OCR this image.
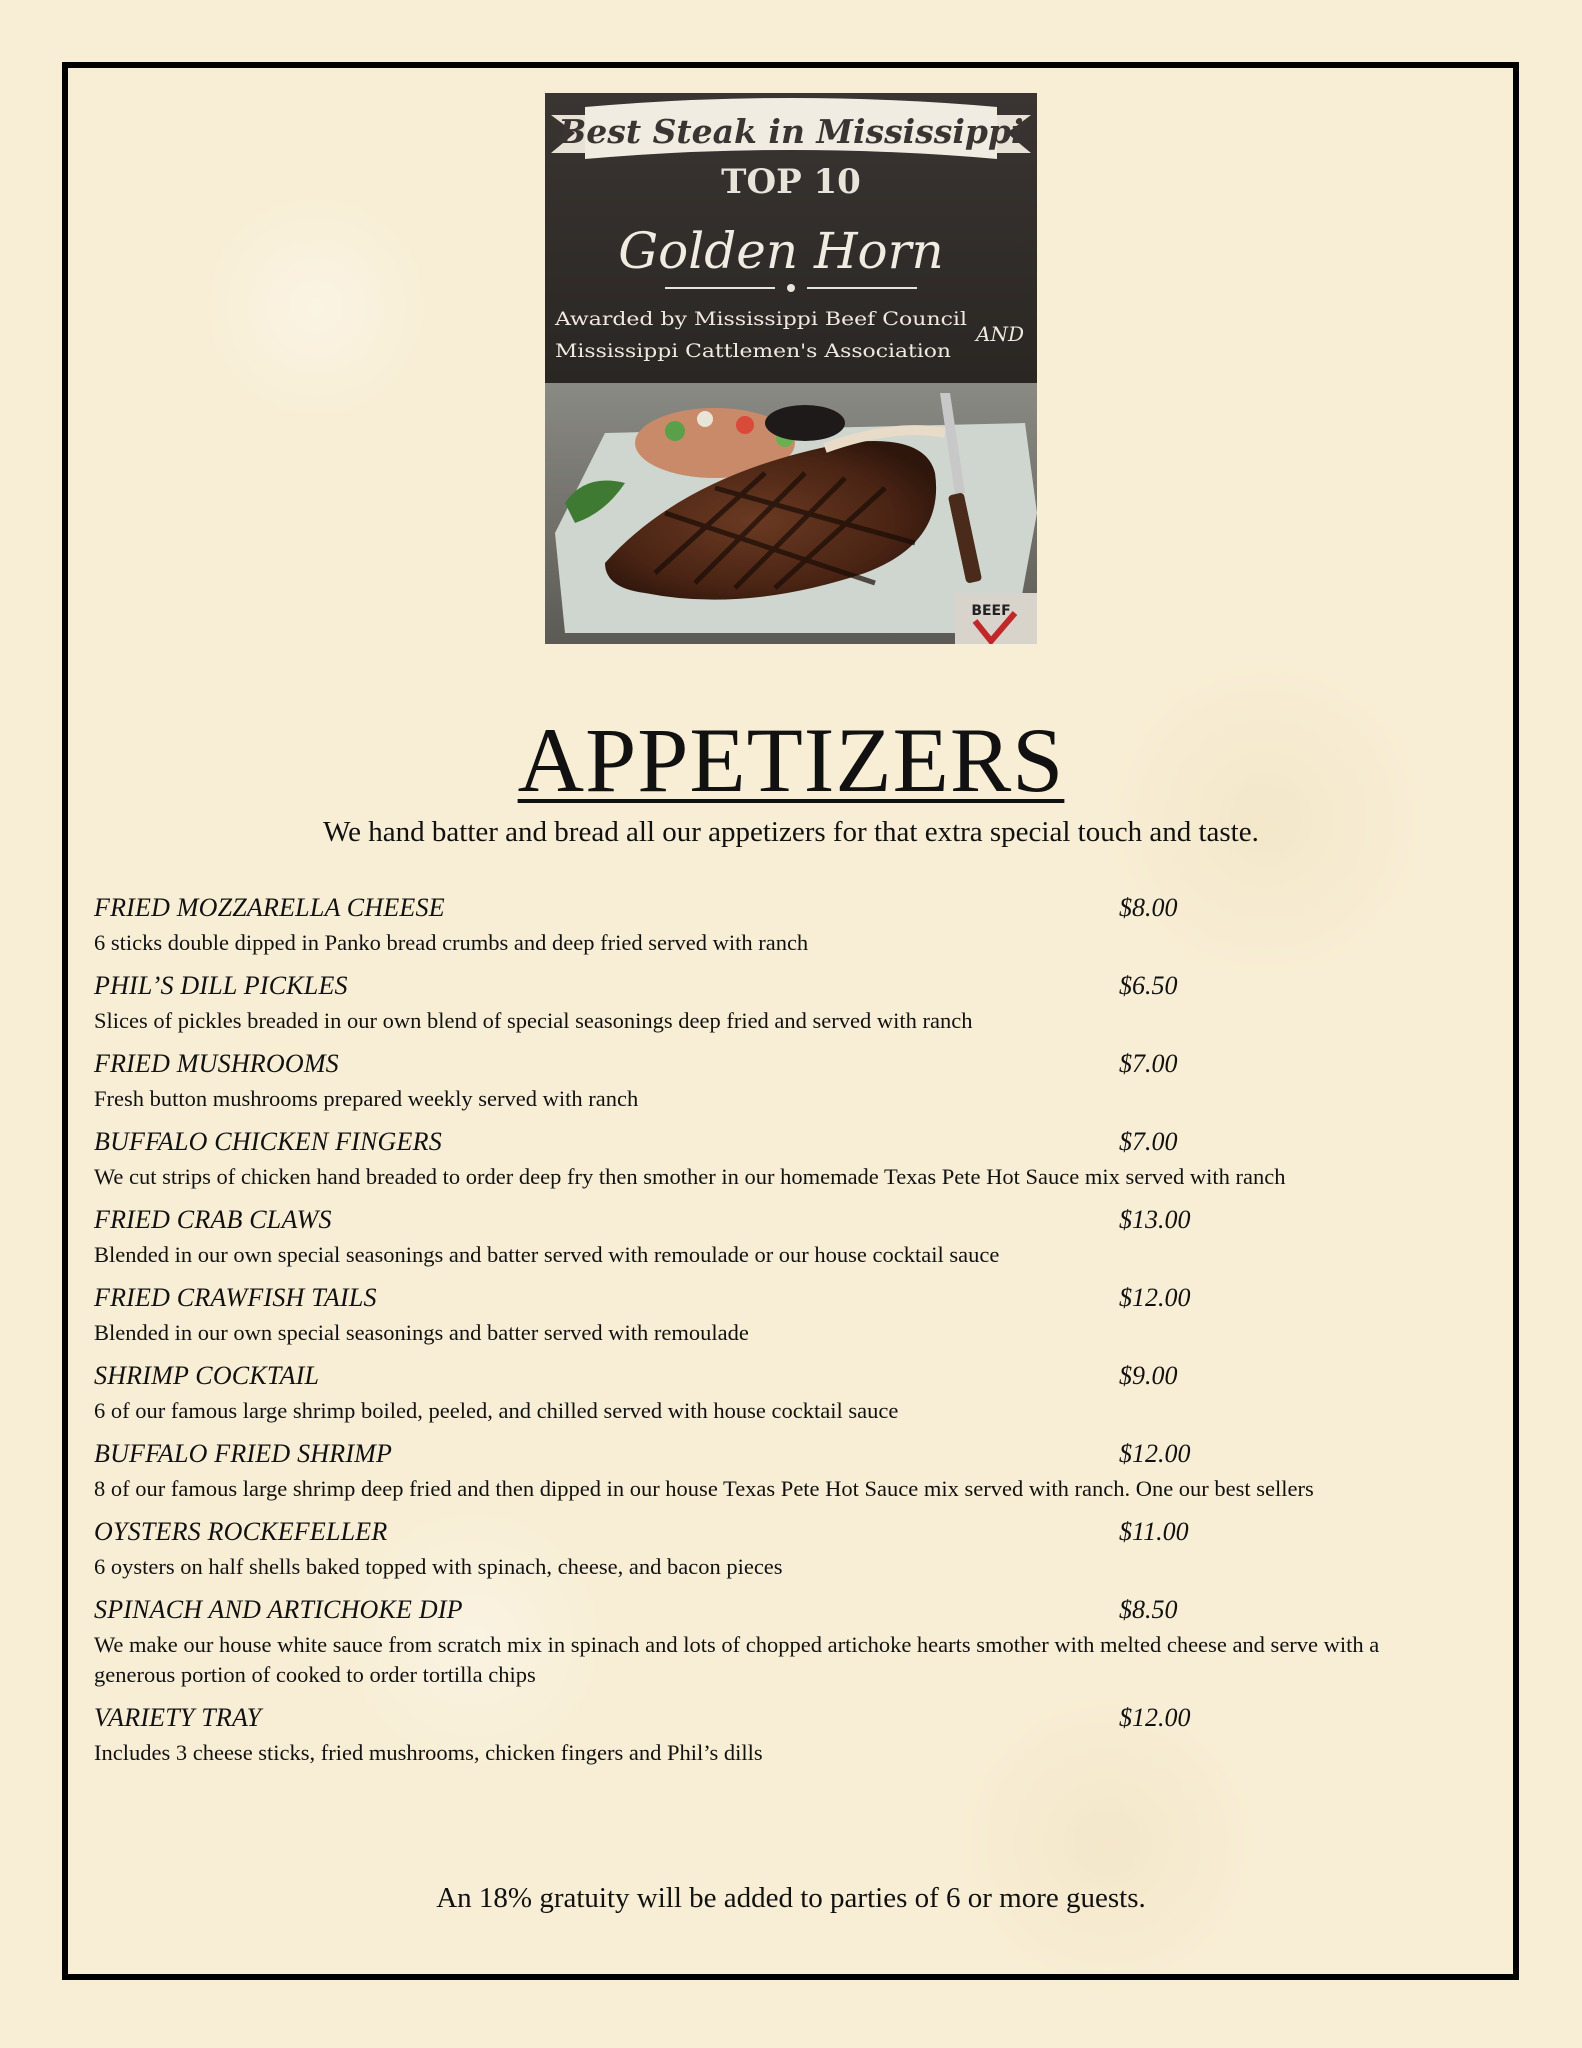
Best Steak in Mississippi
TOP 10
Golden Horn
Awarded by Mississippi Beef Council
AND
Mississippi Cattlemen's Association
BEEF
APPETIZERS
We hand batter and bread all our appetizers for that extra special touch and taste.
FRIED MOZZARELLA CHEESE	$8.00
6 sticks double dipped in Panko bread crumbs and deep fried served with ranch
PHIL’S DILL PICKLES	$6.50
Slices of pickles breaded in our own blend of special seasonings deep fried and served with ranch
FRIED MUSHROOMS	$7.00
Fresh button mushrooms prepared weekly served with ranch
BUFFALO CHICKEN FINGERS	$7.00
We cut strips of chicken hand breaded to order deep fry then smother in our homemade Texas Pete Hot Sauce mix served with ranch
FRIED CRAB CLAWS	$13.00
Blended in our own special seasonings and batter served with remoulade or our house cocktail sauce
FRIED CRAWFISH TAILS	$12.00
Blended in our own special seasonings and batter served with remoulade
SHRIMP COCKTAIL	$9.00
6 of our famous large shrimp boiled, peeled, and chilled served with house cocktail sauce
BUFFALO FRIED SHRIMP	$12.00
8 of our famous large shrimp deep fried and then dipped in our house Texas Pete Hot Sauce mix served with ranch. One our best sellers
OYSTERS ROCKEFELLER	$11.00
6 oysters on half shells baked topped with spinach, cheese, and bacon pieces
SPINACH AND ARTICHOKE DIP	$8.50
We make our house white sauce from scratch mix in spinach and lots of chopped artichoke hearts smother with melted cheese and serve with a generous portion of cooked to order tortilla chips
VARIETY TRAY	$12.00
Includes 3 cheese sticks, fried mushrooms, chicken fingers and Phil’s dills
An 18% gratuity will be added to parties of 6 or more guests.
